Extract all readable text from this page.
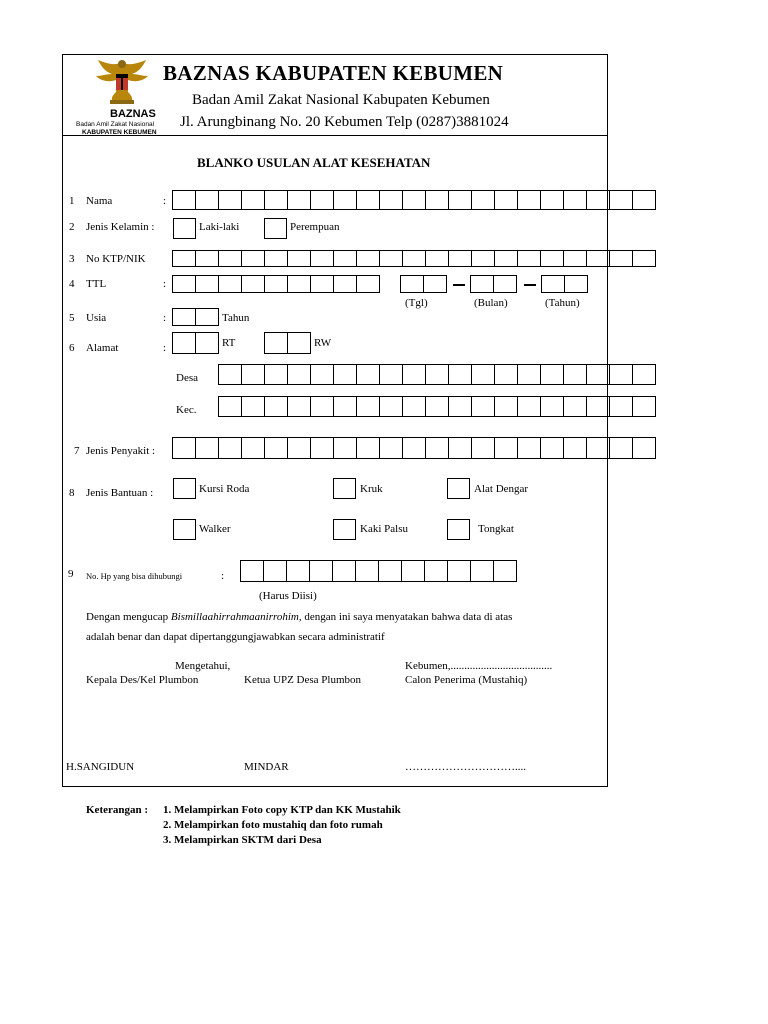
BAZNAS
Badan Amil Zakat Nasional
KABUPATEN KEBUMEN
BAZNAS KABUPATEN KEBUMEN
Badan Amil Zakat Nasional Kabupaten Kebumen
Jl. Arungbinang No. 20 Kebumen Telp (0287)3881024
BLANKO USULAN ALAT KESEHATAN
1 Nama	:
2 Jenis Kelamin :	Laki-laki	Perempuan
3 No KTP/NIK
4 TTL	:
(Tgl)	(Bulan)	(Tahun)
5 Usia	:	Tahun
6 Alamat	:	RT	RW
Desa
Kec.
7 Jenis Penyakit :
8 Jenis Bantuan :	Kursi Roda	Kruk	Alat Dengar
Walker	Kaki Palsu	Tongkat
9 No. Hp yang bisa dihubungi	:
(Harus Diisi)
Dengan mengucap Bismillaahirrahmaanirrohim, dengan ini saya menyatakan bahwa data di atas
adalah benar dan dapat dipertanggungjawabkan secara administratif
Mengetahui,	Kebumen,.....................................
Kepala Des/Kel Plumbon	Ketua UPZ Desa Plumbon	Calon Penerima (Mustahiq)
H.SANGIDUN	MINDAR	…………………………....
Keterangan : 1. Melampirkan Foto copy KTP dan KK Mustahik
2. Melampirkan foto mustahiq dan foto rumah
3. Melampirkan SKTM dari Desa
